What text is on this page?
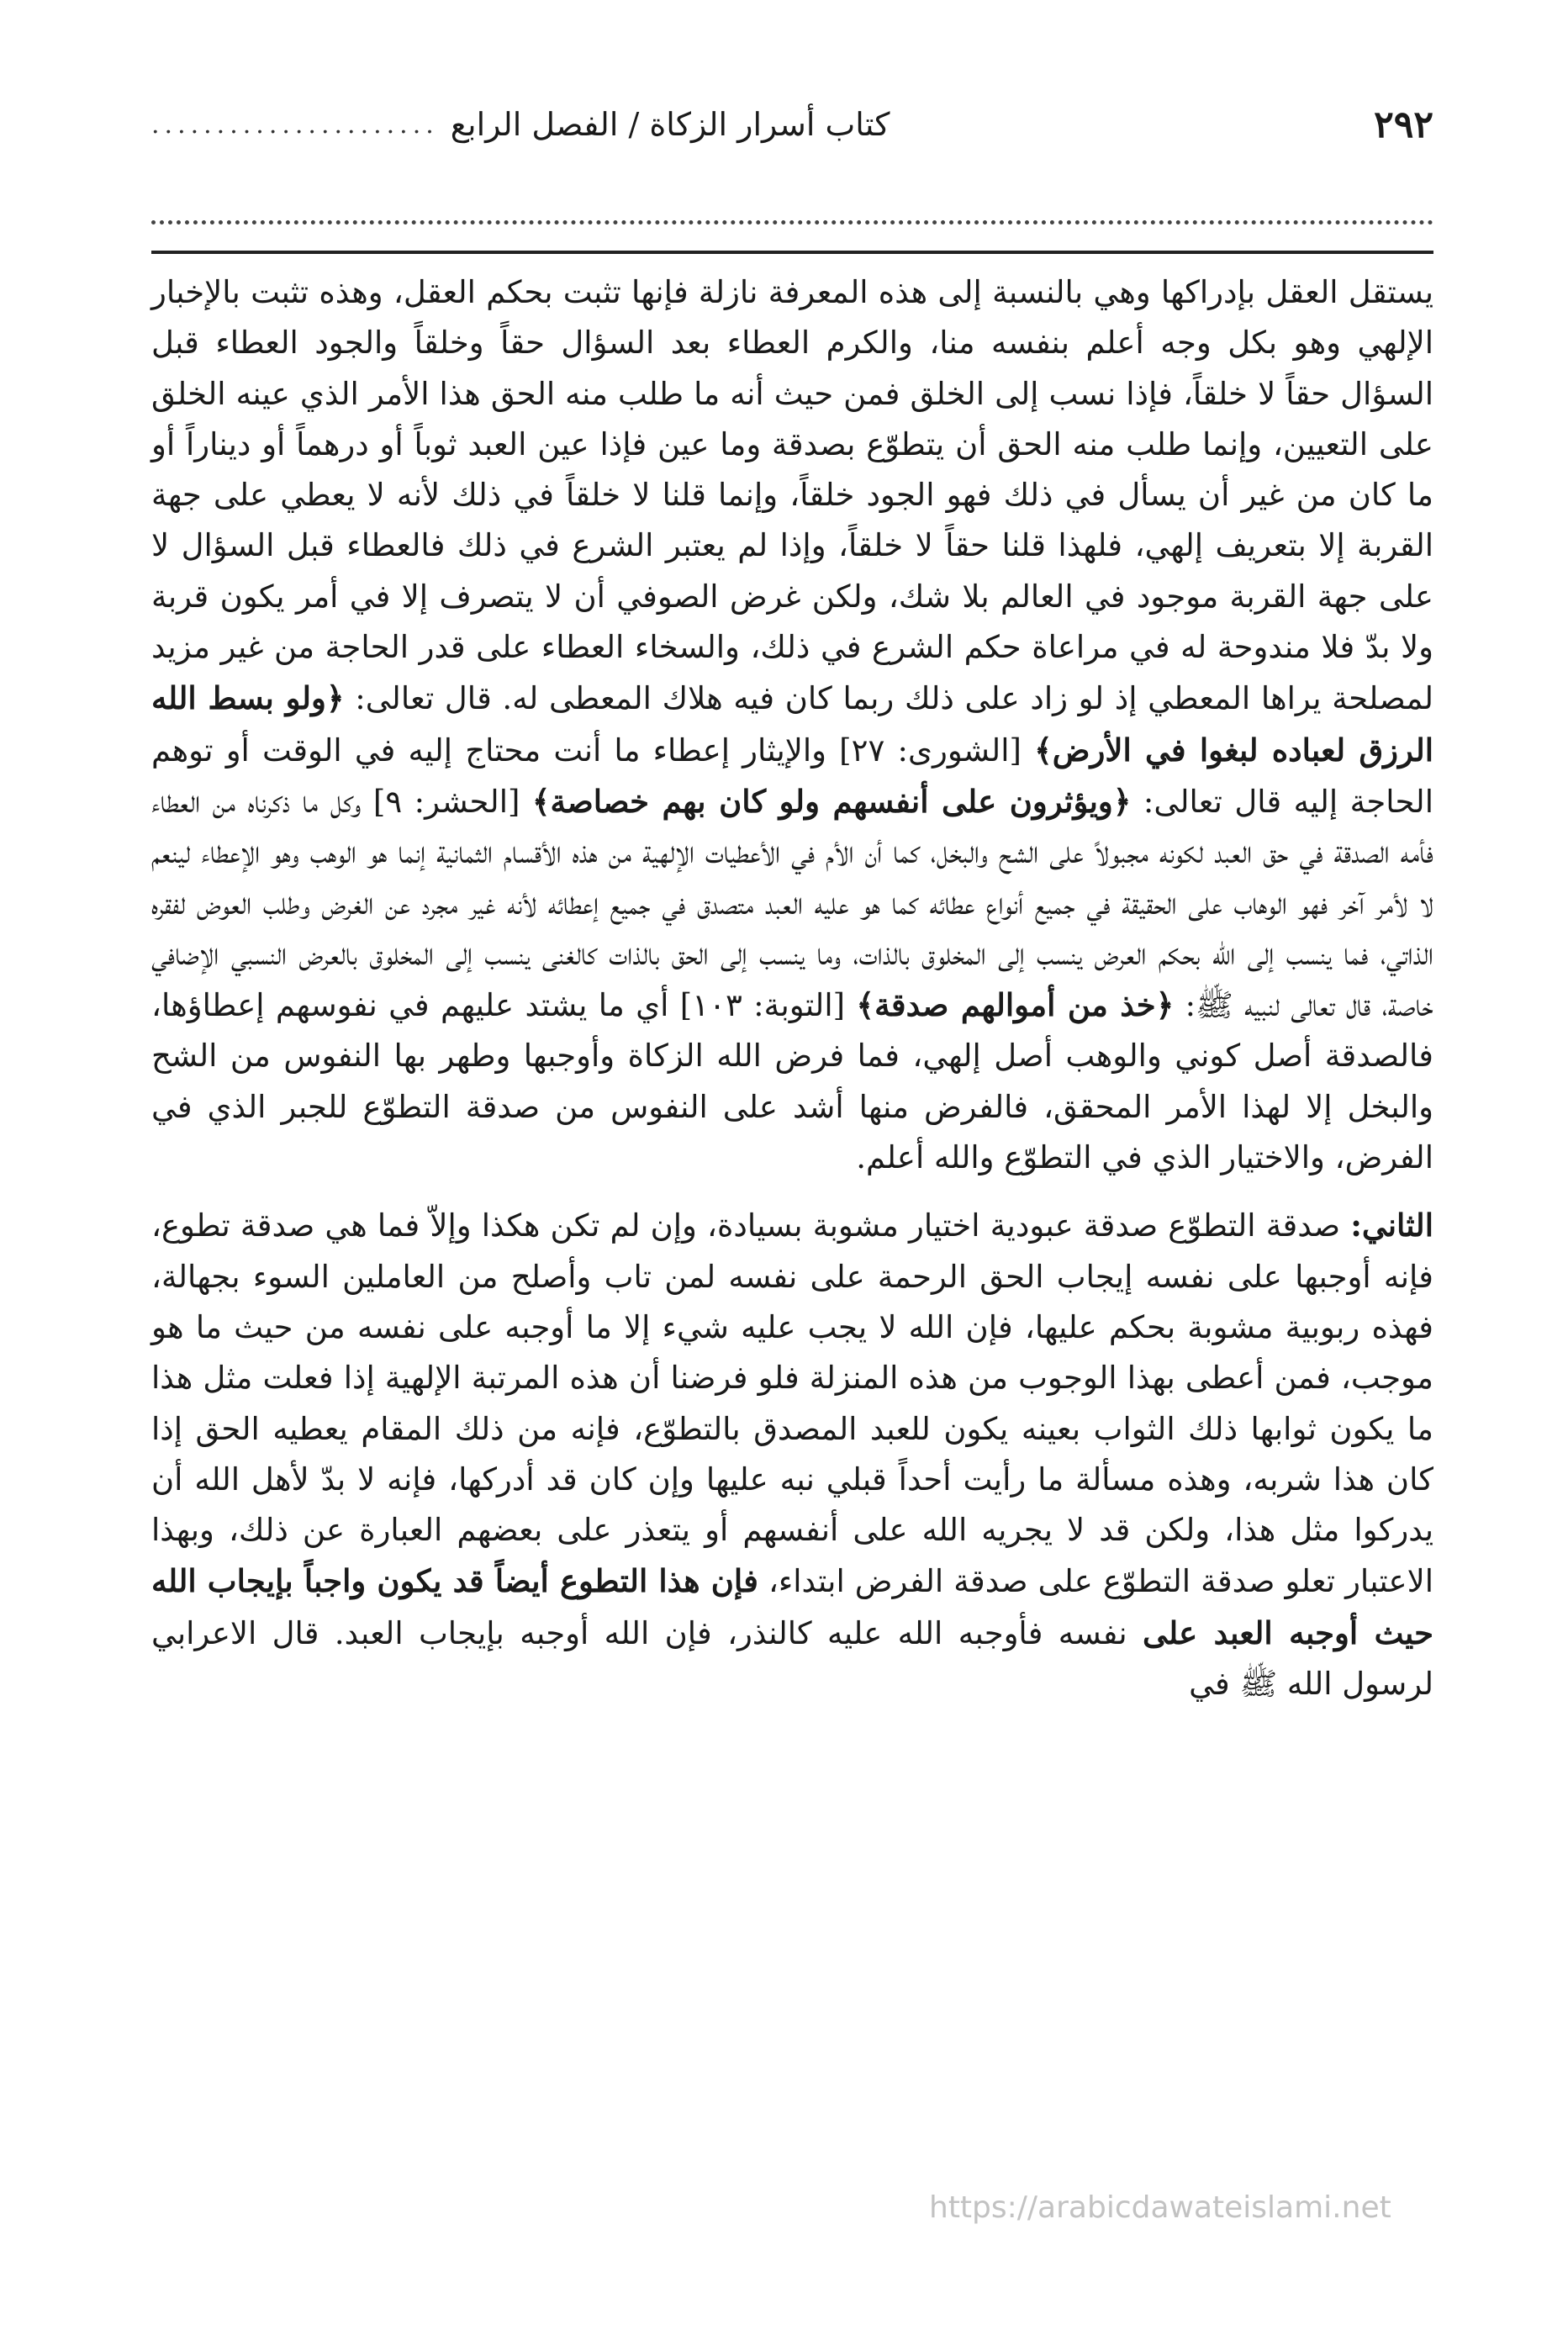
٢٩٢
كتاب أسرار الزكاة / الفصل الرابع
......................

يستقل العقل بإدراكها وهي بالنسبة إلى هذه المعرفة نازلة فإنها تثبت بحكم العقل، وهذه تثبت بالإخبار الإلهي وهو بكل وجه أعلم بنفسه منا، والكرم العطاء بعد السؤال حقاً وخلقاً والجود العطاء قبل السؤال حقاً لا خلقاً، فإذا نسب إلى الخلق فمن حيث أنه ما طلب منه الحق هذا الأمر الذي عينه الخلق على التعيين، وإنما طلب منه الحق أن يتطوّع بصدقة وما عين فإذا عين العبد ثوباً أو درهماً أو ديناراً أو ما كان من غير أن يسأل في ذلك فهو الجود خلقاً، وإنما قلنا لا خلقاً في ذلك لأنه لا يعطي على جهة القربة إلا بتعريف إلهي، فلهذا قلنا حقاً لا خلقاً، وإذا لم يعتبر الشرع في ذلك فالعطاء قبل السؤال لا على جهة القربة موجود في العالم بلا شك، ولكن غرض الصوفي أن لا يتصرف إلا في أمر يكون قربة ولا بدّ فلا مندوحة له في مراعاة حكم الشرع في ذلك، والسخاء العطاء على قدر الحاجة من غير مزيد لمصلحة يراها المعطي إذ لو زاد على ذلك ربما كان فيه هلاك المعطى له. قال تعالى: ﴿ولو بسط الله الرزق لعباده لبغوا في الأرض﴾ [الشورى: ٢٧] والإيثار إعطاء ما أنت محتاج إليه في الوقت أو توهم الحاجة إليه قال تعالى: ﴿ويؤثرون على أنفسهم ولو كان بهم خصاصة﴾ [الحشر: ٩] وكل ما ذكرناه من العطاء فأمه الصدقة في حق العبد لكونه مجبولاً على الشح والبخل، كما أن الأم في الأعطيات الإلهية من هذه الأقسام الثمانية إنما هو الوهب وهو الإعطاء لينعم لا لأمر آخر فهو الوهاب على الحقيقة في جميع أنواع عطائه كما هو عليه العبد متصدق في جميع إعطائه لأنه غير مجرد عن الغرض وطلب العوض لفقره الذاتي، فما ينسب إلى الله بحكم العرض ينسب إلى المخلوق بالذات، وما ينسب إلى الحق بالذات كالغنى ينسب إلى المخلوق بالعرض النسبي الإضافي خاصة، قال تعالى لنبيه ﷺ: ﴿خذ من أموالهم صدقة﴾ [التوبة: ١٠٣] أي ما يشتد عليهم في نفوسهم إعطاؤها، فالصدقة أصل كوني والوهب أصل إلهي، فما فرض الله الزكاة وأوجبها وطهر بها النفوس من الشح والبخل إلا لهذا الأمر المحقق، فالفرض منها أشد على النفوس من صدقة التطوّع للجبر الذي في الفرض، والاختيار الذي في التطوّع والله أعلم.

الثاني: صدقة التطوّع صدقة عبودية اختيار مشوبة بسيادة، وإن لم تكن هكذا وإلاّ فما هي صدقة تطوع، فإنه أوجبها على نفسه إيجاب الحق الرحمة على نفسه لمن تاب وأصلح من العاملين السوء بجهالة، فهذه ربوبية مشوبة بحكم عليها، فإن الله لا يجب عليه شيء إلا ما أوجبه على نفسه من حيث ما هو موجب، فمن أعطى بهذا الوجوب من هذه المنزلة فلو فرضنا أن هذه المرتبة الإلهية إذا فعلت مثل هذا ما يكون ثوابها ذلك الثواب بعينه يكون للعبد المصدق بالتطوّع، فإنه من ذلك المقام يعطيه الحق إذا كان هذا شربه، وهذه مسألة ما رأيت أحداً قبلي نبه عليها وإن كان قد أدركها، فإنه لا بدّ لأهل الله أن يدركوا مثل هذا، ولكن قد لا يجريه الله على أنفسهم أو يتعذر على بعضهم العبارة عن ذلك، وبهذا الاعتبار تعلو صدقة التطوّع على صدقة الفرض ابتداء، فإن هذا التطوع أيضاً قد يكون واجباً بإيجاب الله حيث أوجبه العبد على نفسه فأوجبه الله عليه كالنذر، فإن الله أوجبه بإيجاب العبد. قال الاعرابي لرسول الله ﷺ في

https://arabicdawateislami.net
